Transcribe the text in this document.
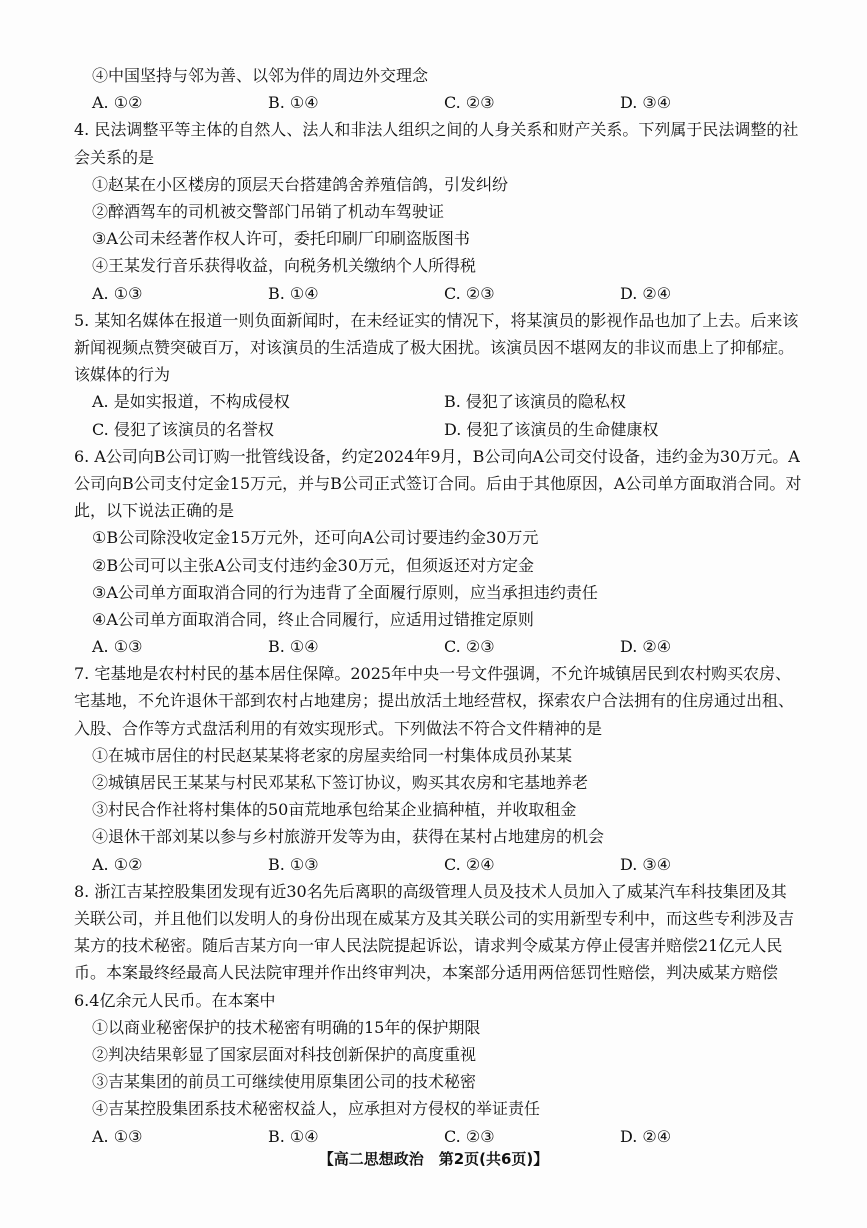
④中国坚持与邻为善、以邻为伴的周边外交理念
A. ①②	B. ①④	C. ②③	D. ③④
4. 民法调整平等主体的自然人、法人和非法人组织之间的人身关系和财产关系。下列属于民法调整的社会关系的是
①赵某在小区楼房的顶层天台搭建鸽舍养殖信鸽，引发纠纷
②醉酒驾车的司机被交警部门吊销了机动车驾驶证
③A公司未经著作权人许可，委托印刷厂印刷盗版图书
④王某发行音乐获得收益，向税务机关缴纳个人所得税
A. ①③	B. ①④	C. ②③	D. ②④
5. 某知名媒体在报道一则负面新闻时，在未经证实的情况下，将某演员的影视作品也加了上去。后来该新闻视频点赞突破百万，对该演员的生活造成了极大困扰。该演员因不堪网友的非议而患上了抑郁症。该媒体的行为
A. 是如实报道，不构成侵权	B. 侵犯了该演员的隐私权
C. 侵犯了该演员的名誉权	D. 侵犯了该演员的生命健康权
6. A公司向B公司订购一批管线设备，约定2024年9月，B公司向A公司交付设备，违约金为30万元。A公司向B公司支付定金15万元，并与B公司正式签订合同。后由于其他原因，A公司单方面取消合同。对此，以下说法正确的是
①B公司除没收定金15万元外，还可向A公司讨要违约金30万元
②B公司可以主张A公司支付违约金30万元，但须返还对方定金
③A公司单方面取消合同的行为违背了全面履行原则，应当承担违约责任
④A公司单方面取消合同，终止合同履行，应适用过错推定原则
A. ①③	B. ①④	C. ②③	D. ②④
7. 宅基地是农村村民的基本居住保障。2025年中央一号文件强调，不允许城镇居民到农村购买农房、宅基地，不允许退休干部到农村占地建房；提出放活土地经营权，探索农户合法拥有的住房通过出租、入股、合作等方式盘活利用的有效实现形式。下列做法不符合文件精神的是
①在城市居住的村民赵某某将老家的房屋卖给同一村集体成员孙某某
②城镇居民王某某与村民邓某私下签订协议，购买其农房和宅基地养老
③村民合作社将村集体的50亩荒地承包给某企业搞种植，并收取租金
④退休干部刘某以参与乡村旅游开发等为由，获得在某村占地建房的机会
A. ①②	B. ①③	C. ②④	D. ③④
8. 浙江吉某控股集团发现有近30名先后离职的高级管理人员及技术人员加入了威某汽车科技集团及其关联公司，并且他们以发明人的身份出现在威某方及其关联公司的实用新型专利中，而这些专利涉及吉某方的技术秘密。随后吉某方向一审人民法院提起诉讼，请求判令威某方停止侵害并赔偿21亿元人民币。本案最终经最高人民法院审理并作出终审判决，本案部分适用两倍惩罚性赔偿，判决威某方赔偿6.4亿余元人民币。在本案中
①以商业秘密保护的技术秘密有明确的15年的保护期限
②判决结果彰显了国家层面对科技创新保护的高度重视
③吉某集团的前员工可继续使用原集团公司的技术秘密
④吉某控股集团系技术秘密权益人，应承担对方侵权的举证责任
A. ①③	B. ①④	C. ②③	D. ②④
【高二思想政治　第2页(共6页)】
